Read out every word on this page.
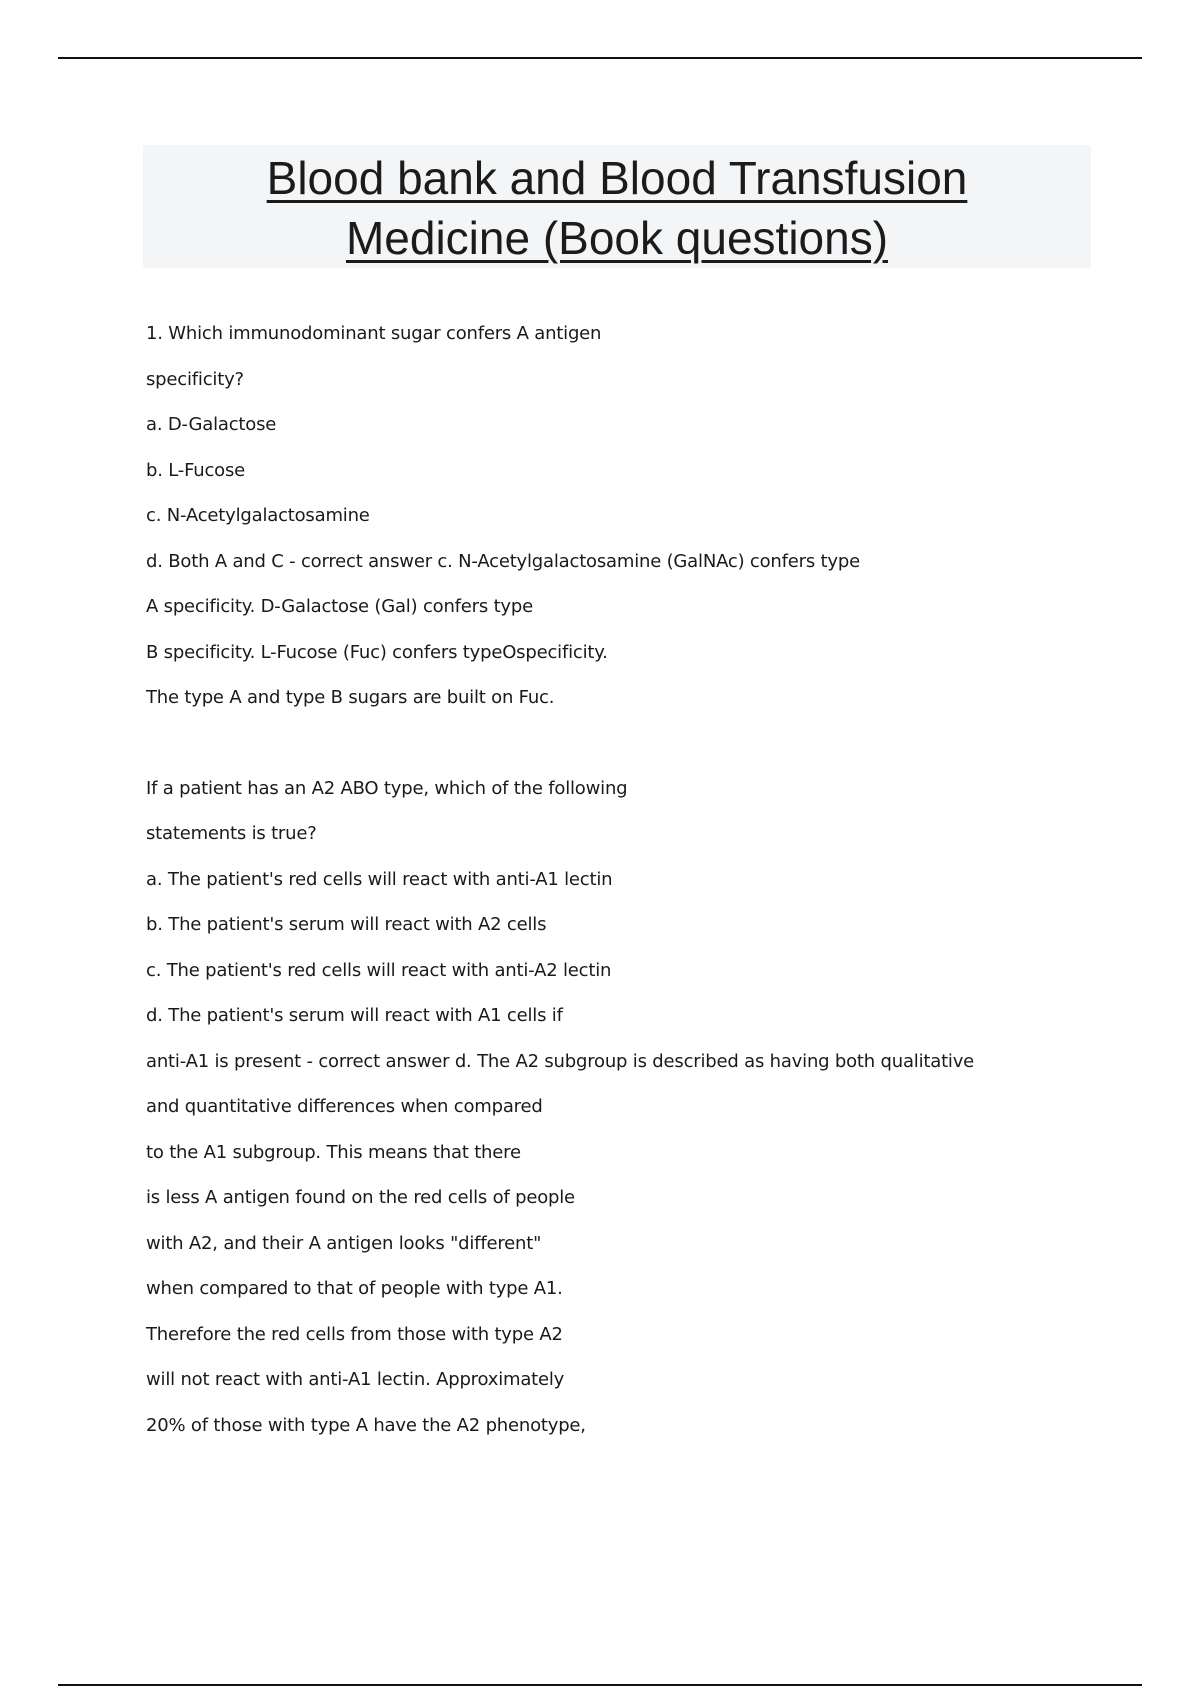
Blood bank and Blood Transfusion
Medicine (Book questions)
1. Which immunodominant sugar confers A antigen
specificity?
a. D-Galactose
b. L-Fucose
c. N-Acetylgalactosamine
d. Both A and C - correct answer c. N-Acetylgalactosamine (GalNAc) confers type
A specificity. D-Galactose (Gal) confers type
B specificity. L-Fucose (Fuc) confers typeOspecificity.
The type A and type B sugars are built on Fuc.
If a patient has an A2 ABO type, which of the following
statements is true?
a. The patient's red cells will react with anti-A1 lectin
b. The patient's serum will react with A2 cells
c. The patient's red cells will react with anti-A2 lectin
d. The patient's serum will react with A1 cells if
anti-A1 is present - correct answer d. The A2 subgroup is described as having both qualitative
and quantitative differences when compared
to the A1 subgroup. This means that there
is less A antigen found on the red cells of people
with A2, and their A antigen looks "different"
when compared to that of people with type A1.
Therefore the red cells from those with type A2
will not react with anti-A1 lectin. Approximately
20% of those with type A have the A2 phenotype,
